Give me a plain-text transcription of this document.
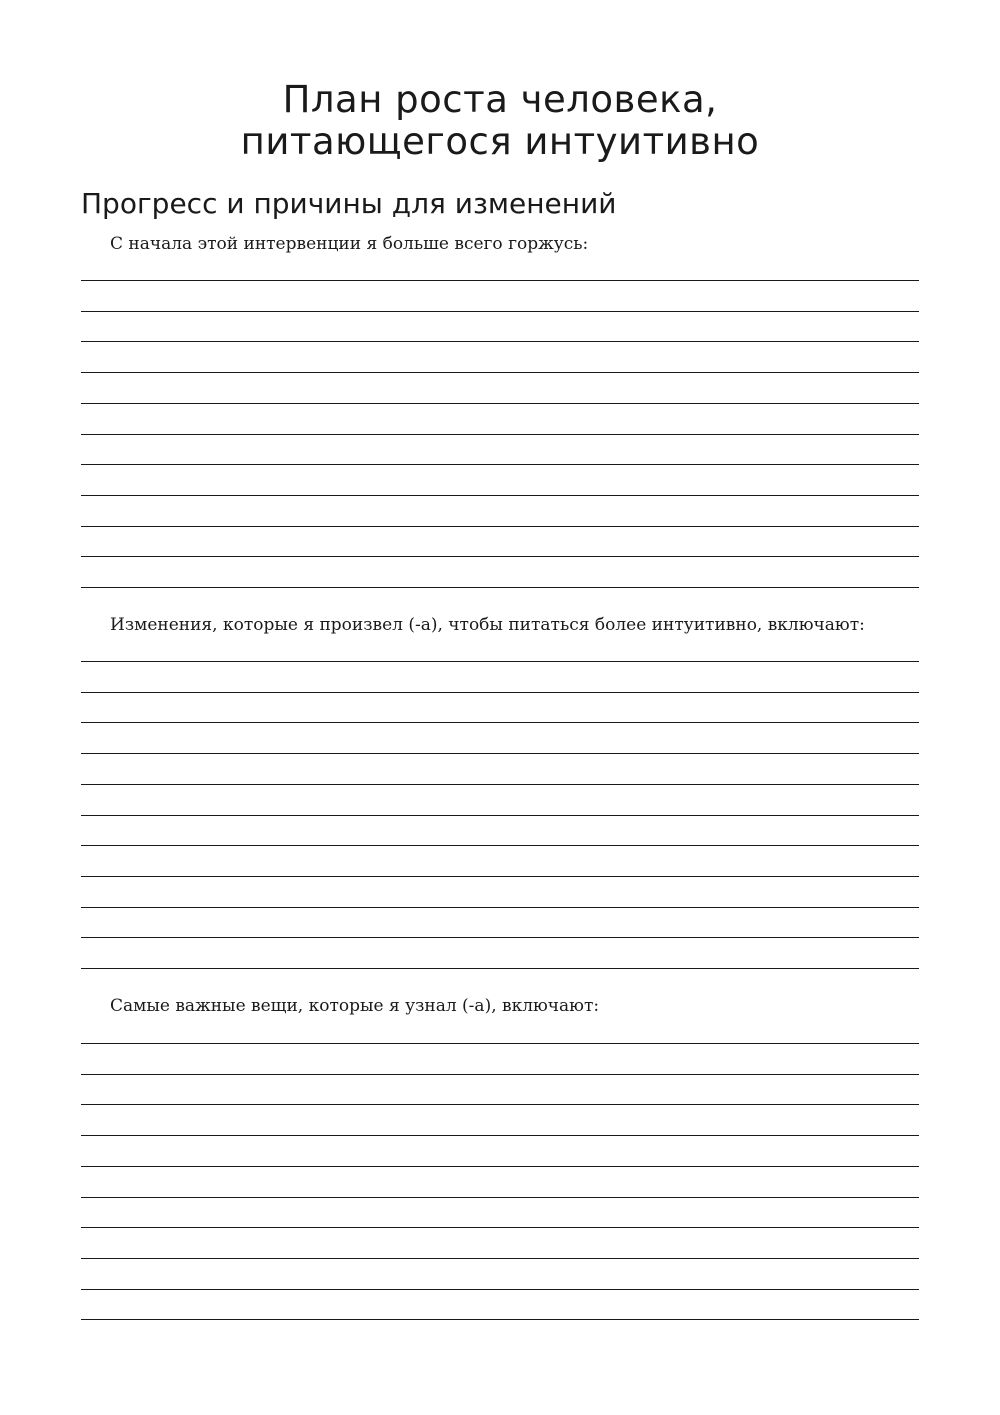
План роста человека,
питающегося интуитивно
Прогресс и причины для изменений

С начала этой интервенции я больше всего горжусь:

Изменения, которые я произвел (-а), чтобы питаться более интуитивно, включают:

Самые важные вещи, которые я узнал (-а), включают:
